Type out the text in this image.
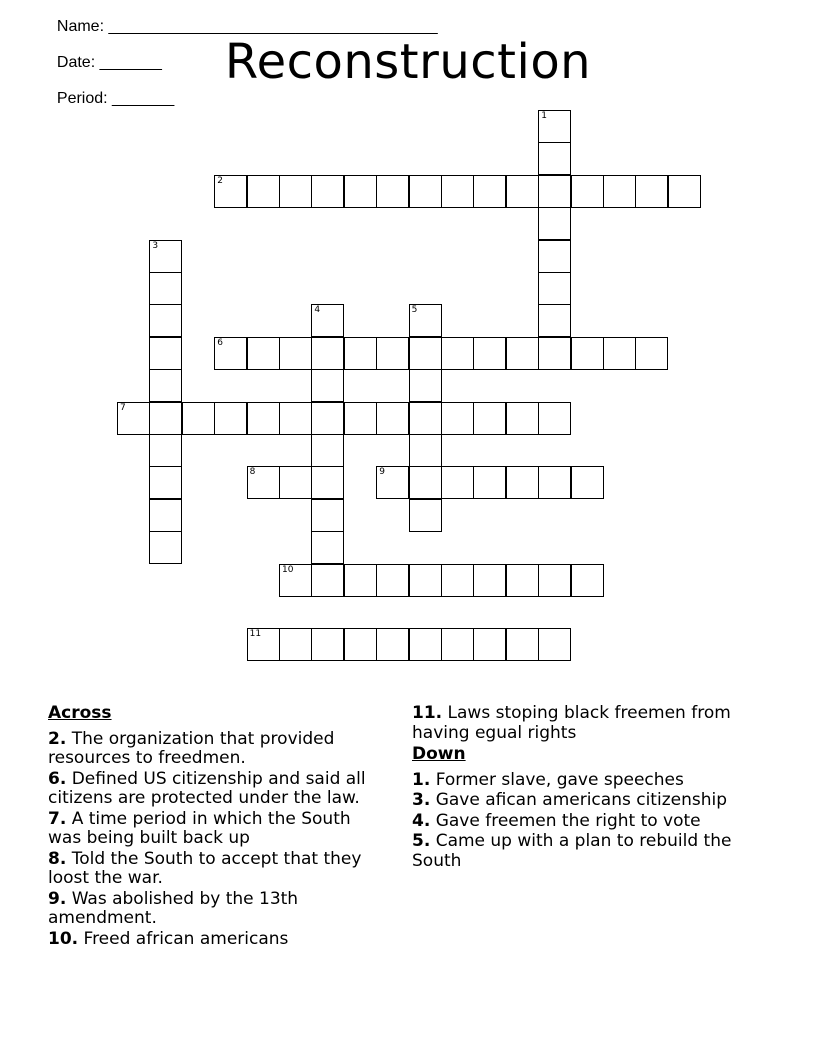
Name: _____________________________________

Date: _______

Period: _______

Reconstruction
1
2
3
4	5
6
7
8	9
10
11
Across
2. The organization that provided resources to freedmen.
6. Defined US citizenship and said all citizens are protected under the law.
7. A time period in which the South was being built back up
8. Told the South to accept that they loost the war.
9. Was abolished by the 13th amendment.
10. Freed african americans
11. Laws stoping black freemen from having egual rights
Down
1. Former slave, gave speeches
3. Gave afican americans citizenship
4. Gave freemen the right to vote
5. Came up with a plan to rebuild the South
